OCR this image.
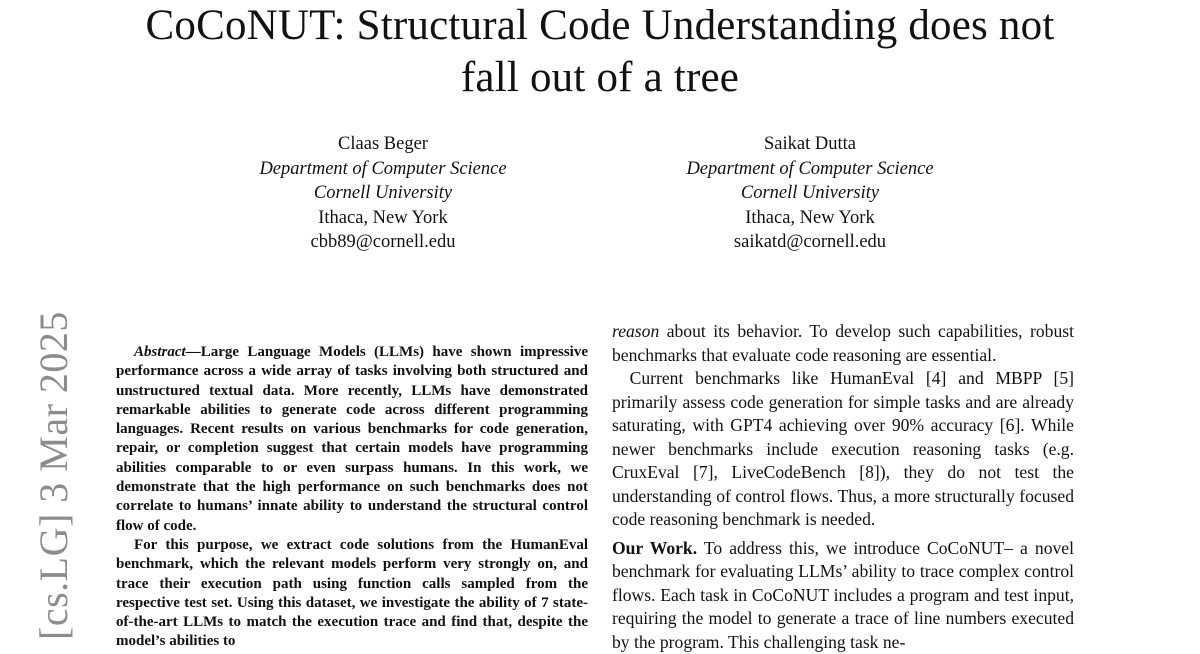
CoCoNUT: Structural Code Understanding does not
fall out of a tree
Claas Beger
Department of Computer Science
Cornell University
Ithaca, New York
cbb89@cornell.edu
Saikat Dutta
Department of Computer Science
Cornell University
Ithaca, New York
saikatd@cornell.edu
[cs.LG] 3 Mar 2025	Abstract—Large Language Models (LLMs) have shown impressive performance across a wide array of tasks involving both structured and unstructured textual data. More recently, LLMs have demonstrated remarkable abilities to generate code across different programming languages. Recent results on various benchmarks for code generation, repair, or completion suggest that certain models have programming abilities comparable to or even surpass humans. In this work, we demonstrate that the high performance on such benchmarks does not correlate to humans’ innate ability to understand the structural control flow of code.

For this purpose, we extract code solutions from the HumanEval benchmark, which the relevant models perform very strongly on, and trace their execution path using function calls sampled from the respective test set. Using this dataset, we investigate the ability of 7 state-of-the-art LLMs to match the execution trace and find that, despite the model’s abilities to

reason about its behavior. To develop such capabilities, robust benchmarks that evaluate code reasoning are essential.

Current benchmarks like HumanEval [4] and MBPP [5] primarily assess code generation for simple tasks and are already saturating, with GPT4 achieving over 90% accuracy [6]. While newer benchmarks include execution reasoning tasks (e.g. CruxEval [7], LiveCodeBench [8]), they do not test the understanding of control flows. Thus, a more structurally focused code reasoning benchmark is needed.

Our Work. To address this, we introduce CoCoNUT– a novel benchmark for evaluating LLMs’ ability to trace complex control flows. Each task in CoCoNUT includes a program and test input, requiring the model to generate a trace of line numbers executed by the program. This challenging task ne-
